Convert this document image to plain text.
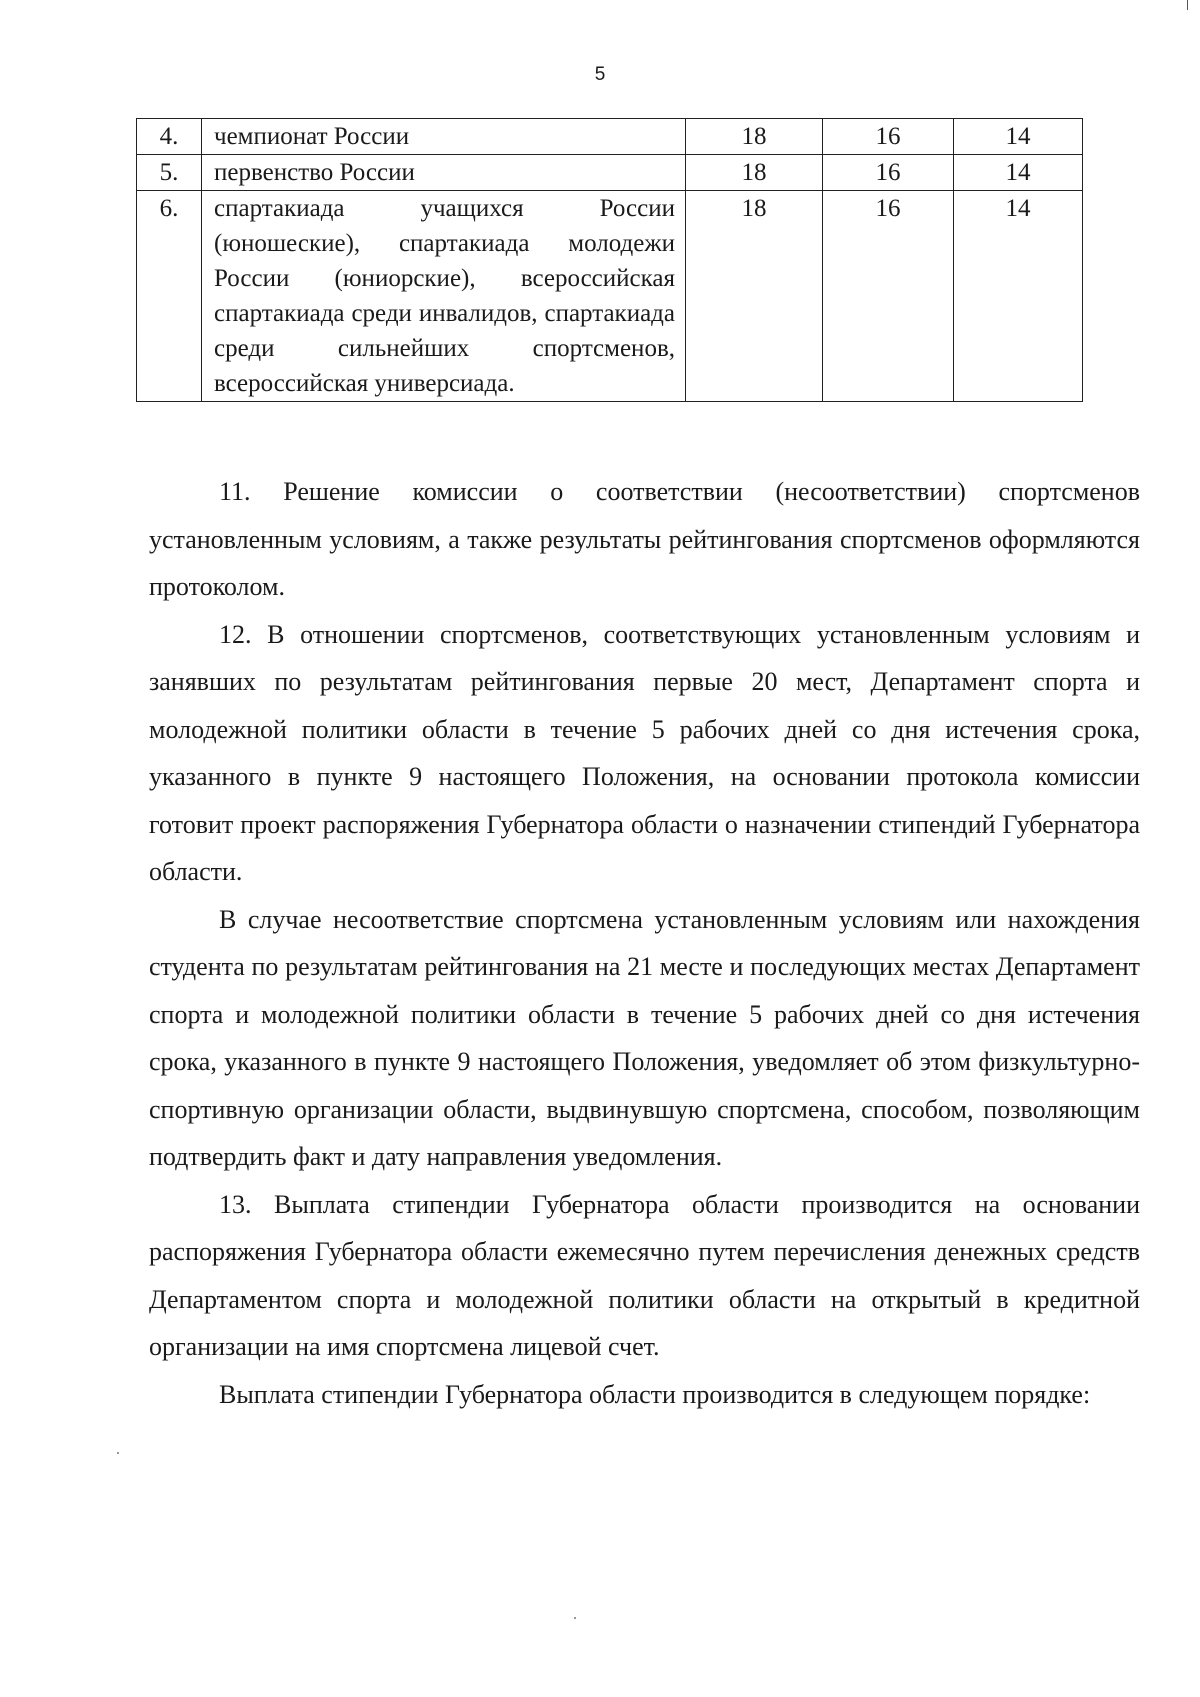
5
4.	чемпионат России	18	16	14
5.	первенство России	18	16	14
6.	спартакиада учащихся России (юношеские), спартакиада молодежи России (юниорские), всероссийская спартакиада среди инвалидов, спартакиада среди сильнейших спортсменов, всероссийская универсиада.	18	16	14

11. Решение комиссии о соответствии (несоответствии) спортсменов установленным условиям, а также результаты рейтингования спортсменов оформляются протоколом.

12. В отношении спортсменов, соответствующих установленным условиям и занявших по результатам рейтингования первые 20 мест, Департамент спорта и молодежной политики области в течение 5 рабочих дней со дня истечения срока, указанного в пункте 9 настоящего Положения, на основании протокола комиссии готовит проект распоряжения Губернатора области о назначении стипендий Губернатора области.

В случае несоответствие спортсмена установленным условиям или нахождения студента по результатам рейтингования на 21 месте и последующих местах Департамент спорта и молодежной политики области в течение 5 рабочих дней со дня истечения срока, указанного в пункте 9 настоящего Положения, уведомляет об этом физкультурно-спортивную организации области, выдвинувшую спортсмена, способом, позволяющим подтвердить факт и дату направления уведомления.

13. Выплата стипендии Губернатора области производится на основании распоряжения Губернатора области ежемесячно путем перечисления денежных средств Департаментом спорта и молодежной политики области на открытый в кредитной организации на имя спортсмена лицевой счет.

Выплата стипендии Губернатора области производится в следующем порядке:
